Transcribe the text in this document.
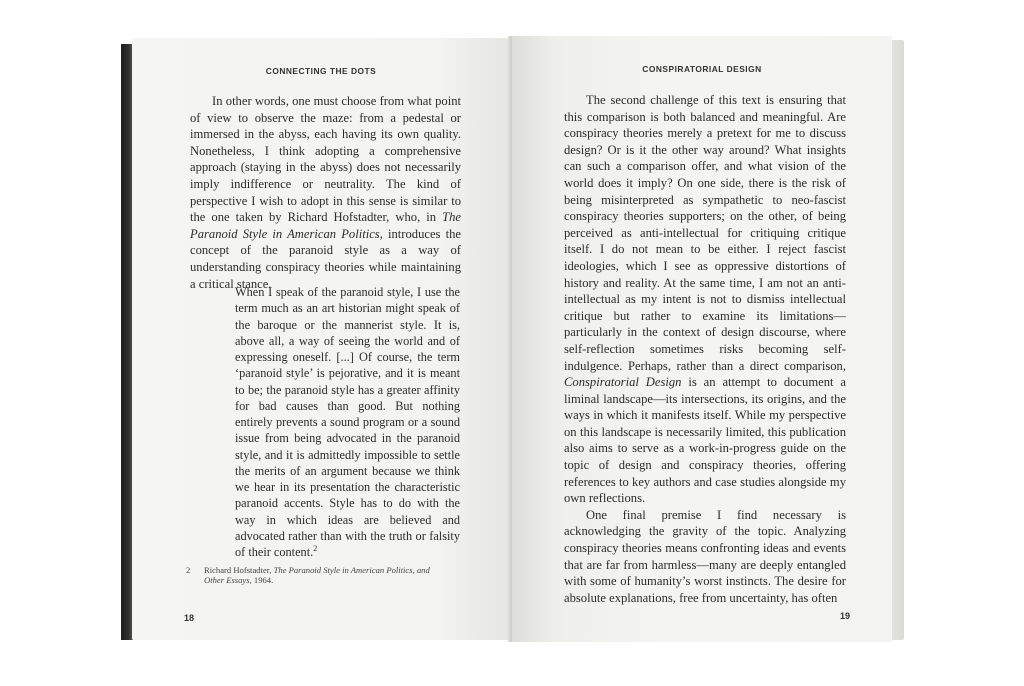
CONNECTING THE DOTS

In other words, one must choose from what point of view to observe the maze: from a pedestal or immersed in the abyss, each having its own quality. Nonetheless, I think adopting a comprehensive approach (staying in the abyss) does not necessarily imply indifference or neutrality. The kind of perspective I wish to adopt in this sense is similar to the one taken by Richard Hofstadter, who, in The Paranoid Style in American Politics, introduces the concept of the paranoid style as a way of understanding conspiracy theories while maintaining a critical stance.

When I speak of the paranoid style, I use the term much as an art historian might speak of the baroque or the mannerist style. It is, above all, a way of seeing the world and of expressing oneself. [...] Of course, the term ‘paranoid style’ is pejorative, and it is meant to be; the paranoid style has a greater affinity for bad causes than good. But nothing entirely prevents a sound program or a sound issue from being advocated in the paranoid style, and it is admittedly impossible to settle the merits of an argument because we think we hear in its presentation the characteristic paranoid accents. Style has to do with the way in which ideas are believed and advocated rather than with the truth or falsity of their content.$^2$

2 Richard Hofstadter, The Paranoid Style in American Politics, and Other Essays, 1964.
18
CONSPIRATORIAL DESIGN

The second challenge of this text is ensuring that this comparison is both balanced and meaningful. Are conspiracy theories merely a pretext for me to discuss design? Or is it the other way around? What insights can such a comparison offer, and what vision of the world does it imply? On one side, there is the risk of being misinterpreted as sympathetic to neo-fascist conspiracy theories supporters; on the other, of being perceived as anti-intellectual for critiquing critique itself. I do not mean to be either. I reject fascist ideologies, which I see as oppressive distortions of history and reality. At the same time, I am not an anti-intellectual as my intent is not to dismiss intellectual critique but rather to examine its limitations—particularly in the context of design discourse, where self-reflection sometimes risks becoming self-indulgence. Perhaps, rather than a direct comparison, Conspiratorial Design is an attempt to document a liminal landscape—its intersections, its origins, and the ways in which it manifests itself. While my perspective on this landscape is necessarily limited, this publication also aims to serve as a work-in-progress guide on the topic of design and conspiracy theories, offering references to key authors and case studies alongside my own reflections.

One final premise I find necessary is acknowledging the gravity of the topic. Analyzing conspiracy theories means confronting ideas and events that are far from harmless—many are deeply entangled with some of humanity’s worst instincts. The desire for absolute explanations, free from uncertainty, has often

19
